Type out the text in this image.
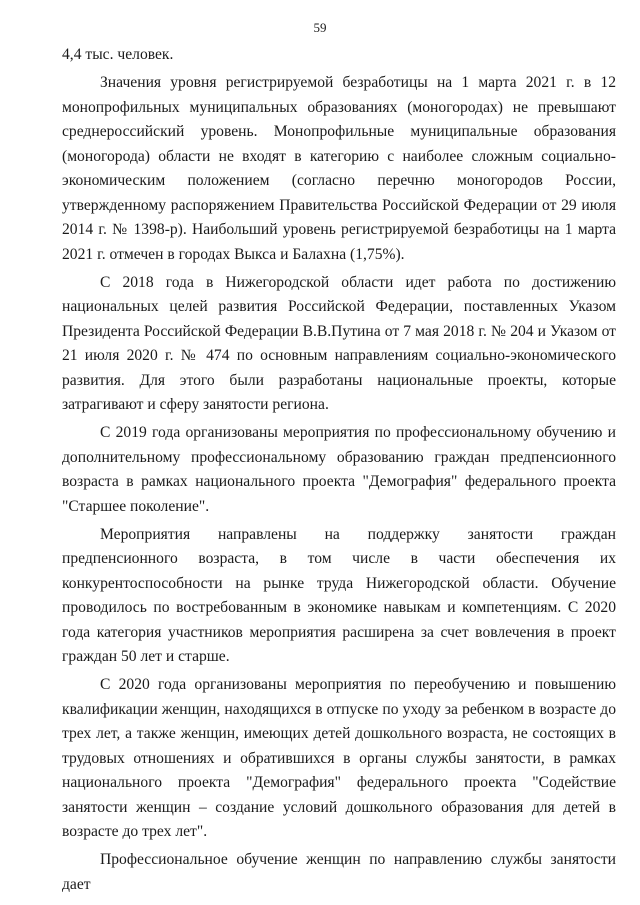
59

4,4 тыс. человек.

Значения уровня регистрируемой безработицы на 1 марта 2021 г. в 12 монопрофильных муниципальных образованиях (моногородах) не превышают среднероссийский уровень. Монопрофильные муниципальные образования (моногорода) области не входят в категорию с наиболее сложным социально-экономическим положением (согласно перечню моногородов России, утвержденному распоряжением Правительства Российской Федерации от 29 июля 2014 г. № 1398-р). Наибольший уровень регистрируемой безработицы на 1 марта 2021 г. отмечен в городах Выкса и Балахна (1,75%).

С 2018 года в Нижегородской области идет работа по достижению национальных целей развития Российской Федерации, поставленных Указом Президента Российской Федерации В.В.Путина от 7 мая 2018 г. № 204 и Указом от 21 июля 2020 г. № 474 по основным направлениям социально-экономического развития. Для этого были разработаны национальные проекты, которые затрагивают и сферу занятости региона.

С 2019 года организованы мероприятия по профессиональному обучению и дополнительному профессиональному образованию граждан предпенсионного возраста в рамках национального проекта "Демография" федерального проекта "Старшее поколение".

Мероприятия направлены на поддержку занятости граждан предпенсионного возраста, в том числе в части обеспечения их конкурентоспособности на рынке труда Нижегородской области. Обучение проводилось по востребованным в экономике навыкам и компетенциям. С 2020 года категория участников мероприятия расширена за счет вовлечения в проект граждан 50 лет и старше.

С 2020 года организованы мероприятия по переобучению и повышению квалификации женщин, находящихся в отпуске по уходу за ребенком в возрасте до трех лет, а также женщин, имеющих детей дошкольного возраста, не состоящих в трудовых отношениях и обратившихся в органы службы занятости, в рамках национального проекта "Демография" федерального проекта "Содействие занятости женщин – создание условий дошкольного образования для детей в возрасте до трех лет".

Профессиональное обучение женщин по направлению службы занятости дает
